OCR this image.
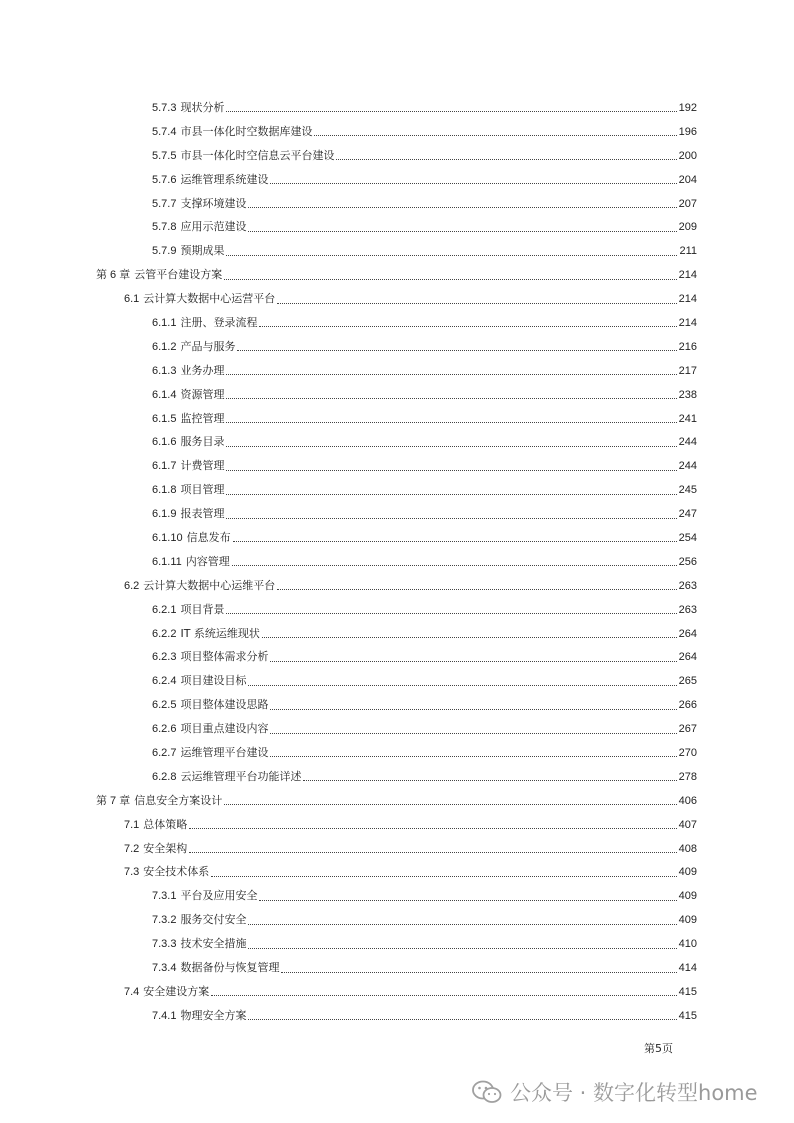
5.7.3 现状分析	192
5.7.4 市县一体化时空数据库建设	196
5.7.5 市县一体化时空信息云平台建设	200
5.7.6 运维管理系统建设	204
5.7.7 支撑环境建设	207
5.7.8 应用示范建设	209
5.7.9 预期成果	211
第 6 章 云管平台建设方案	214
6.1 云计算大数据中心运营平台	214
6.1.1 注册、登录流程	214
6.1.2 产品与服务	216
6.1.3 业务办理	217
6.1.4 资源管理	238
6.1.5 监控管理	241
6.1.6 服务目录	244
6.1.7 计费管理	244
6.1.8 项目管理	245
6.1.9 报表管理	247
6.1.10 信息发布	254
6.1.11 内容管理	256
6.2 云计算大数据中心运维平台	263
6.2.1 项目背景	263
6.2.2 IT 系统运维现状	264
6.2.3 项目整体需求分析	264
6.2.4 项目建设目标	265
6.2.5 项目整体建设思路	266
6.2.6 项目重点建设内容	267
6.2.7 运维管理平台建设	270
6.2.8 云运维管理平台功能详述	278
第 7 章 信息安全方案设计	406
7.1 总体策略	407
7.2 安全架构	408
7.3 安全技术体系	409
7.3.1 平台及应用安全	409
7.3.2 服务交付安全	409
7.3.3 技术安全措施	410
7.3.4 数据备份与恢复管理	414
7.4 安全建设方案	415
7.4.1 物理安全方案	415
第5页
公众号 · 数字化转型home
